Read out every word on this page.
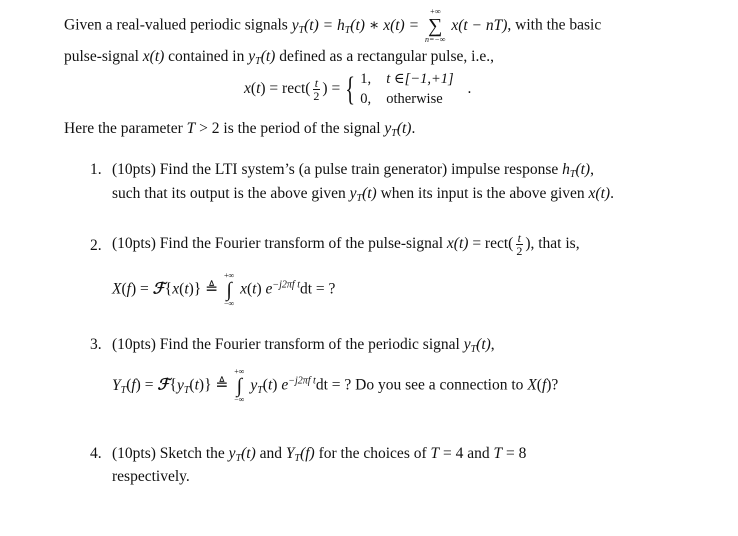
Given a real-valued periodic signals $y_T(t) = h_T(t)$ ∗ x(t) =
+∞
∑
n=−∞
x(t − nT), with the basic
pulse-signal x(t) contained in $y_T(t)$ defined as a rectangular pulse, i.e.,
x(t) = rect( $\frac{t}{2}$ ) = { 1, t ∈[−1,+1]
0, otherwise
.
Here the parameter T > 2 is the period of the signal $y_T(t)$.
1. (10pts) Find the LTI system’s (a pulse train generator) impulse response $h_T(t)$,
such that its output is the above given $y_T(t)$ when its input is the above given x(t).
2. (10pts) Find the Fourier transform of the pulse-signal x(t) = rect( $\frac{t}{2}$ ), that is,
X(f) = ℱ{x(t)} ≜
+∞
∫
−∞
x(t) $e^{-j2\pi f t}dt$ = ?
3. (10pts) Find the Fourier transform of the periodic signal $y_T(t)$,
$Y_T(f)$ = $ℱ\{y_T(t)\}$ ≜
+∞
∫
−∞
$y_T(t) e^{-j2\pi f t}dt$ = ? Do you see a connection to X(f)?
4. (10pts) Sketch the $y_T(t)$ and $Y_T(f)$ for the choices of T = 4 and T = 8
respectively.
